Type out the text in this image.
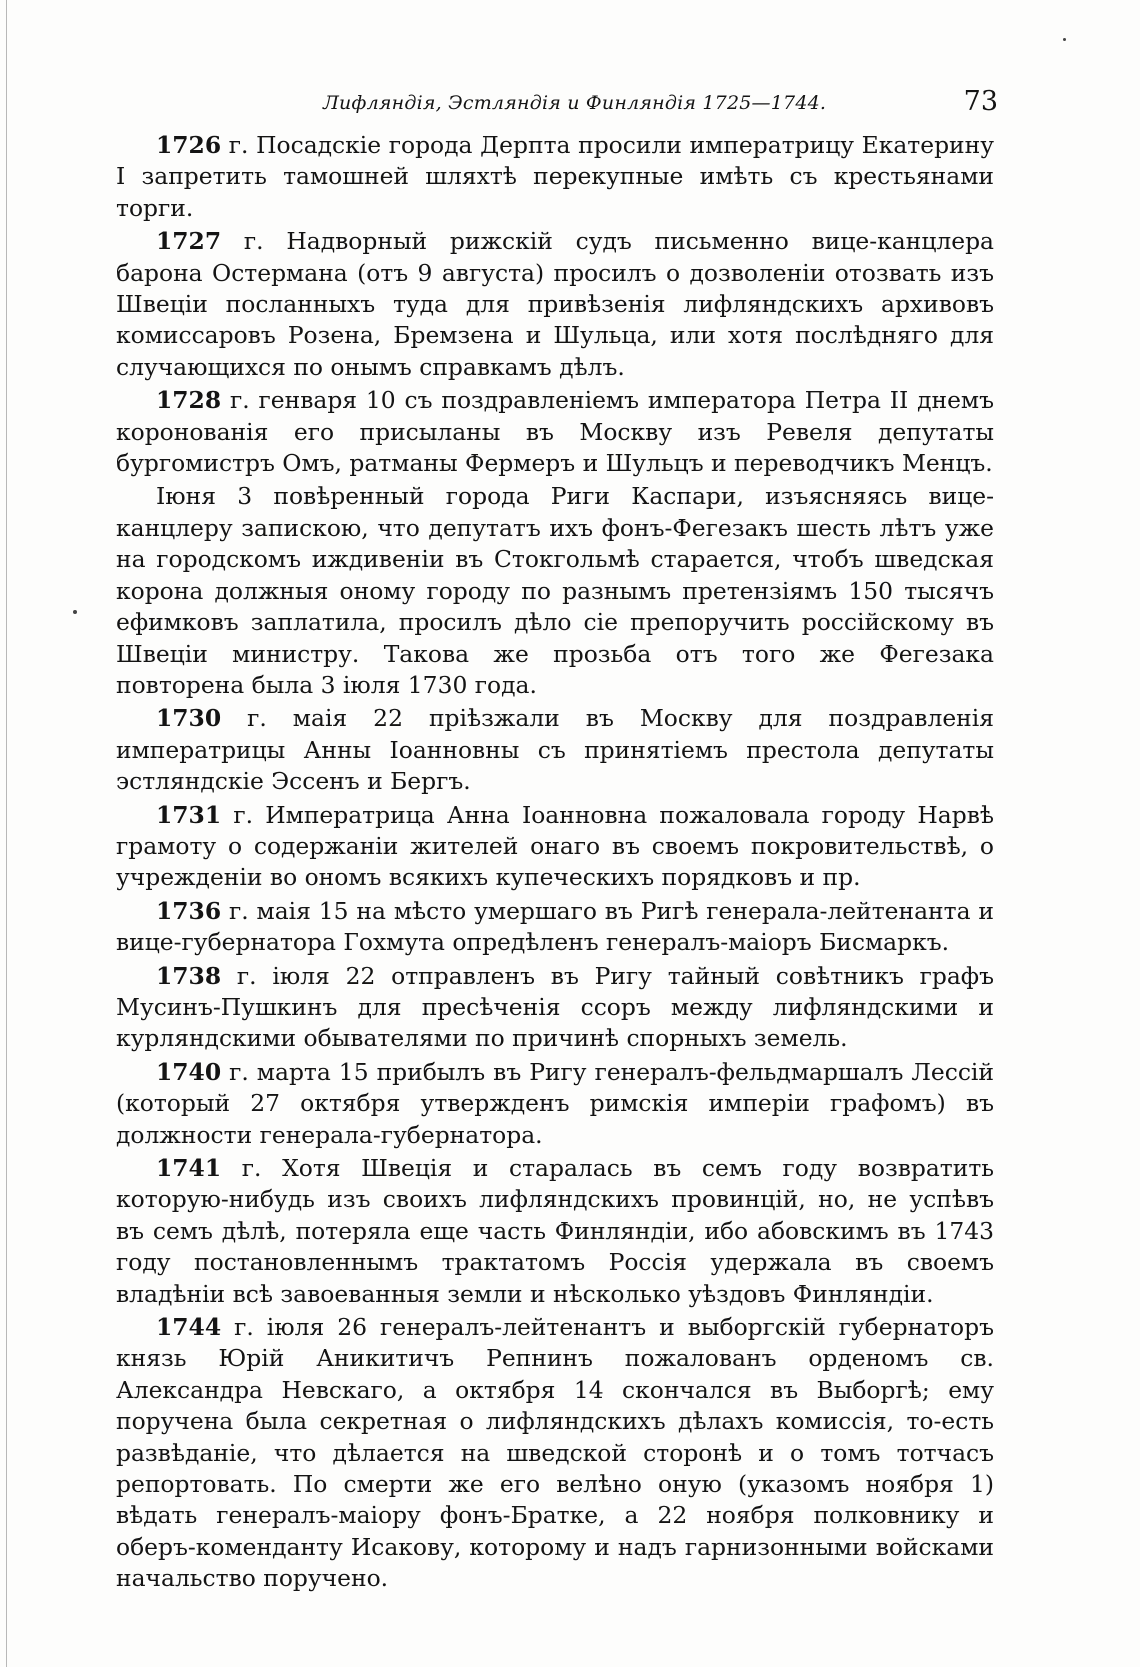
Лифляндія, Эстляндія и Финляндія 1725—1744.	73

1726 г. Посадскіе города Дерпта просили императрицу Екатерину I запретить тамошней шляхтѣ перекупные имѣть съ крестьянами торги.

1727 г. Надворный рижскій судъ письменно вице-канцлера барона Остермана (отъ 9 августа) просилъ о дозволеніи отозвать изъ Швеціи посланныхъ туда для привѣзенія лифляндскихъ архивовъ комиссаровъ Розена, Бремзена и Шульца, или хотя послѣдняго для случающихся по онымъ справкамъ дѣлъ.

1728 г. генваря 10 съ поздравленіемъ императора Петра II днемъ коронованія его присыланы въ Москву изъ Ревеля депутаты бургомистръ Омъ, ратманы Фермеръ и Шульцъ и переводчикъ Менцъ.

Іюня 3 повѣренный города Риги Каспари, изъясняясь вице-канцлеру запискою, что депутатъ ихъ фонъ-Фегезакъ шесть лѣтъ уже на городскомъ иждивеніи въ Стокгольмѣ старается, чтобъ шведская корона должныя оному городу по разнымъ претензіямъ 150 тысячъ ефимковъ заплатила, просилъ дѣло сіе препоручить россійскому въ Швеціи министру. Такова же прозьба отъ того же Фегезака повторена была 3 іюля 1730 года.

1730 г. маія 22 пріѣзжали въ Москву для поздравленія императрицы Анны Іоанновны съ принятіемъ престола депутаты эстляндскіе Эссенъ и Бергъ.

1731 г. Императрица Анна Іоанновна пожаловала городу Нарвѣ грамоту о содержаніи жителей онаго въ своемъ покровительствѣ, о учрежденіи во ономъ всякихъ купеческихъ порядковъ и пр.

1736 г. маія 15 на мѣсто умершаго въ Ригѣ генерала-лейтенанта и вице-губернатора Гохмута опредѣленъ генералъ-маіоръ Бисмаркъ.

1738 г. іюля 22 отправленъ въ Ригу тайный совѣтникъ графъ Мусинъ-Пушкинъ для пресѣченія ссоръ между лифляндскими и курляндскими обывателями по причинѣ спорныхъ земель.

1740 г. марта 15 прибылъ въ Ригу генералъ-фельдмаршалъ Лессій (который 27 октября утвержденъ римскія имперіи графомъ) въ должности генерала-губернатора.

1741 г. Хотя Швеція и старалась въ семъ году возвратить которую-нибудь изъ своихъ лифляндскихъ провинцій, но, не успѣвъ въ семъ дѣлѣ, потеряла еще часть Финляндіи, ибо абовскимъ въ 1743 году постановленнымъ трактатомъ Россія удержала въ своемъ владѣніи всѣ завоеванныя земли и нѣсколько уѣздовъ Финляндіи.

1744 г. іюля 26 генералъ-лейтенантъ и выборгскій губернаторъ князь Юрій Аникитичъ Репнинъ пожалованъ орденомъ св. Александра Невскаго, а октября 14 скончался въ Выборгѣ; ему поручена была секретная о лифляндскихъ дѣлахъ комиссія, то-есть развѣданіе, что дѣлается на шведской сторонѣ и о томъ тотчасъ репортовать. По смерти же его велѣно оную (указомъ ноября 1) вѣдать генералъ-маіору фонъ-Братке, а 22 ноября полковнику и оберъ-коменданту Исакову, которому и надъ гарнизонными войсками начальство поручено.
